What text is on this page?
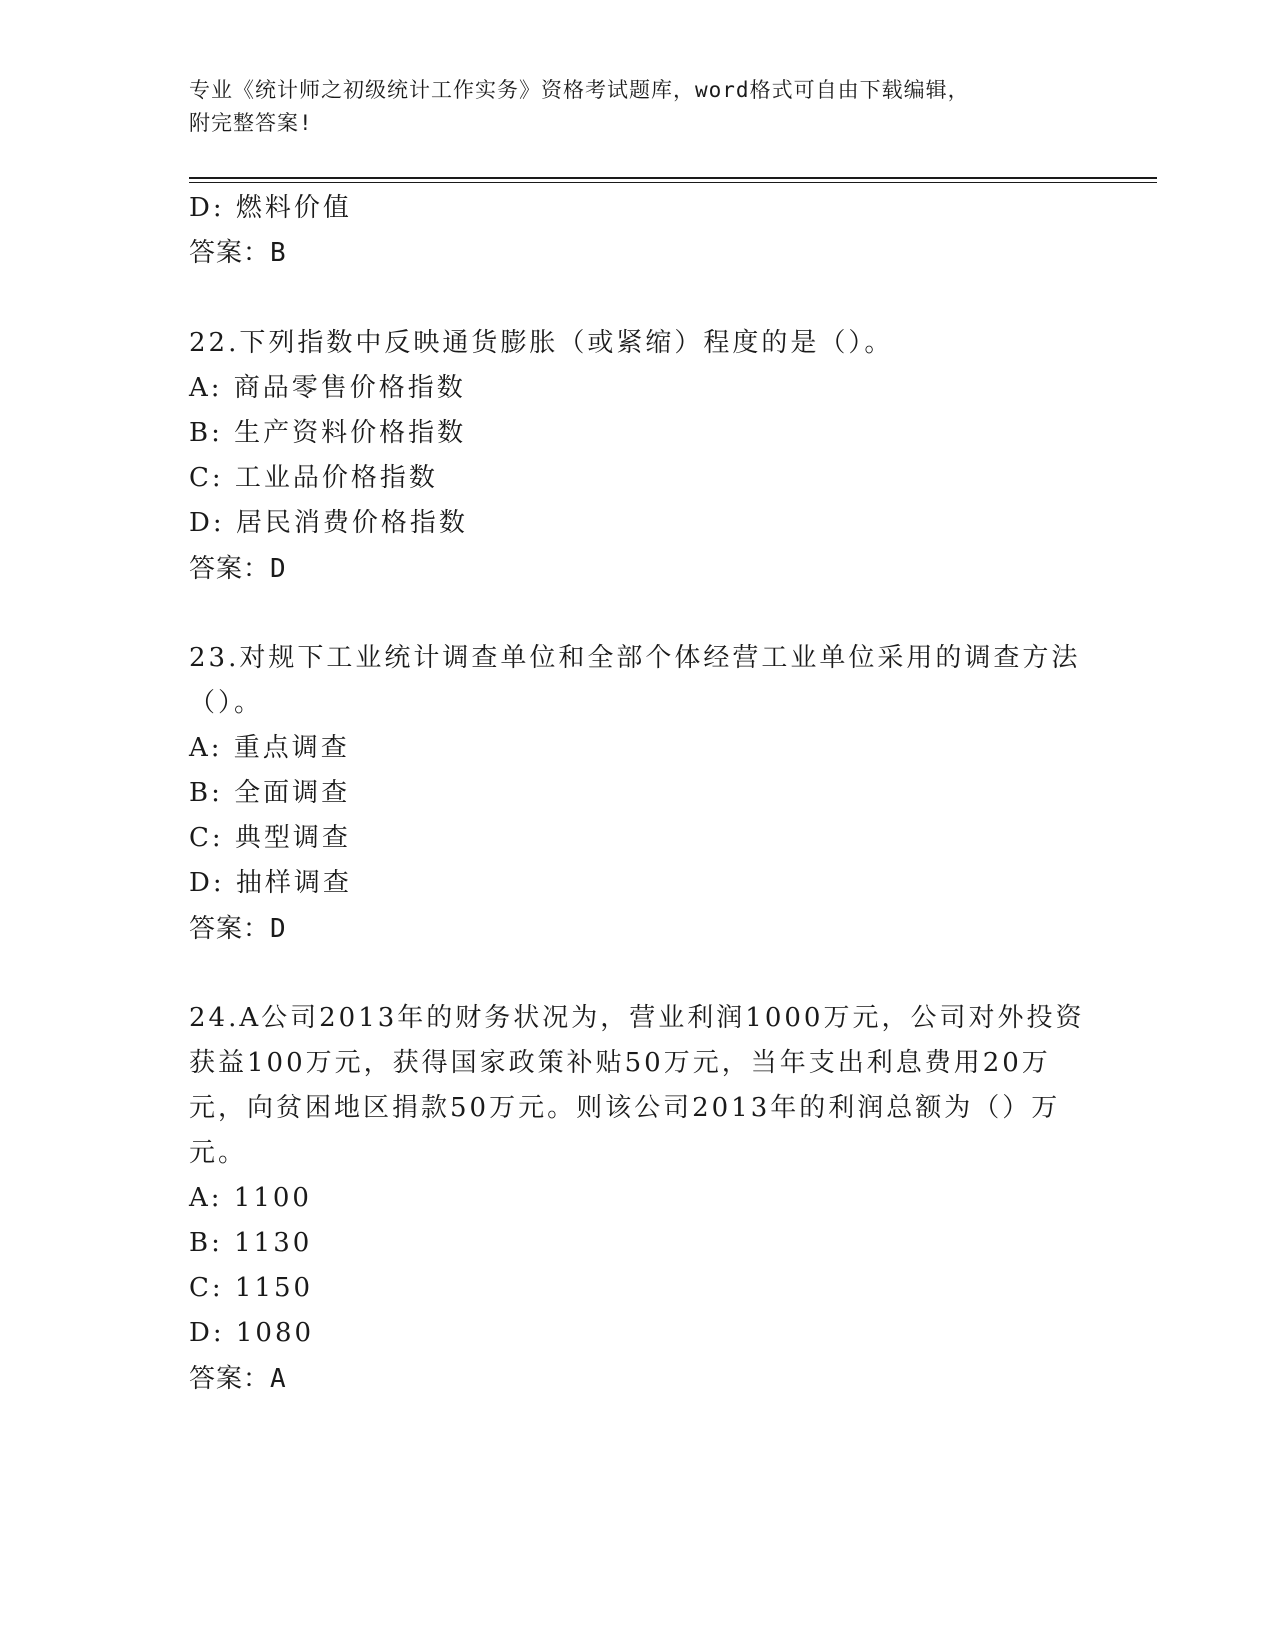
专业《统计师之初级统计工作实务》资格考试题库，word格式可自由下载编辑，
附完整答案!
D: 燃料价值
答案：B
22.下列指数中反映通货膨胀（或紧缩）程度的是（）。
A: 商品零售价格指数
B: 生产资料价格指数
C: 工业品价格指数
D: 居民消费价格指数
答案：D
23.对规下工业统计调查单位和全部个体经营工业单位采用的调查方法
（）。
A: 重点调查
B: 全面调查
C: 典型调查
D: 抽样调查
答案：D
24.A公司2013年的财务状况为，营业利润1000万元，公司对外投资
获益100万元，获得国家政策补贴50万元，当年支出利息费用20万
元，向贫困地区捐款50万元。则该公司2013年的利润总额为（）万
元。
A: 1100
B: 1130
C: 1150
D: 1080
答案：A
